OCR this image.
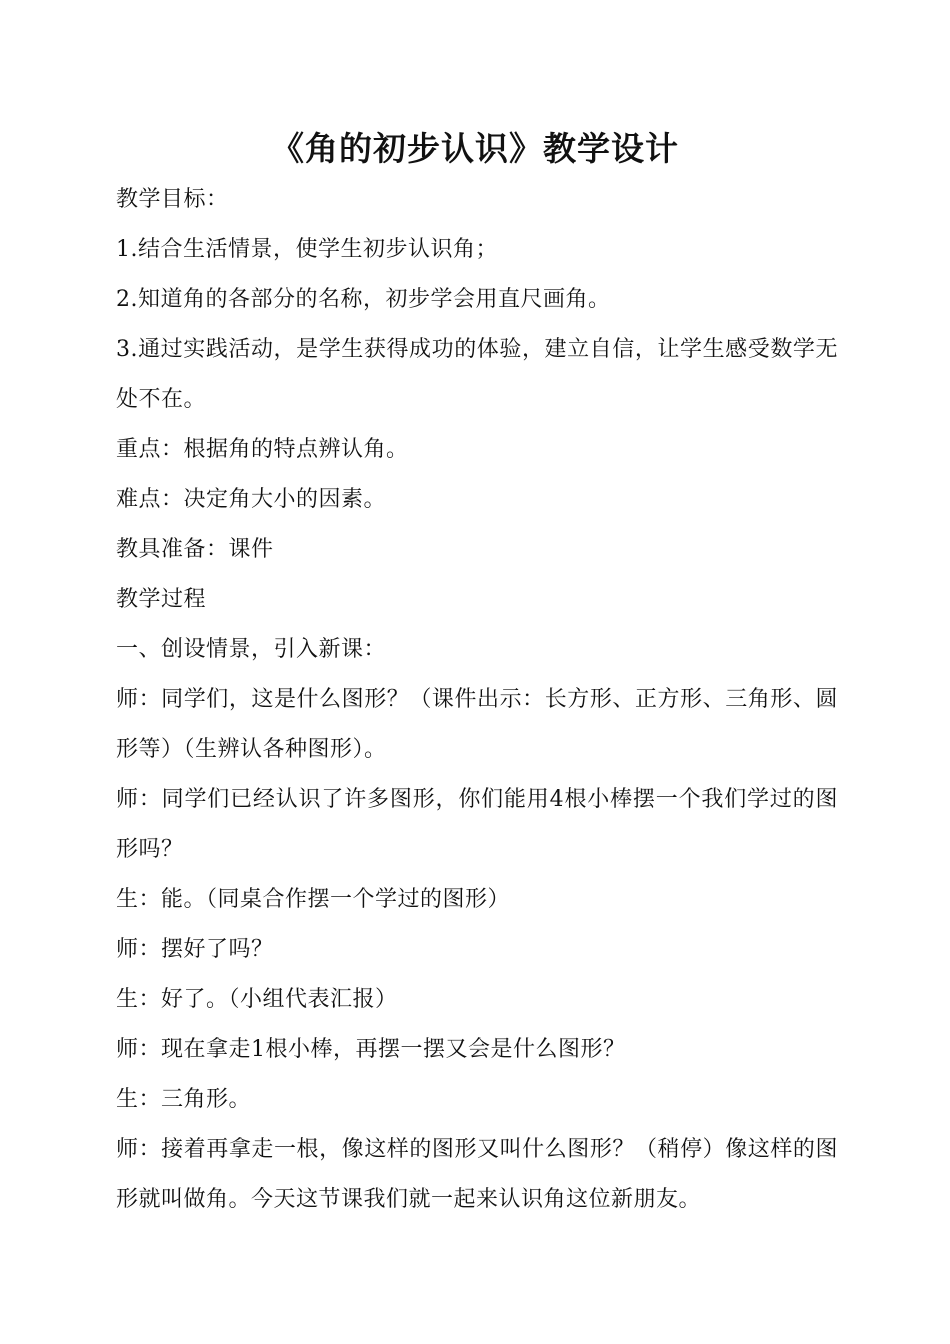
《角的初步认识》教学设计

教学目标：

1.结合生活情景，使学生初步认识角；

2.知道角的各部分的名称，初步学会用直尺画角。

3.通过实践活动，是学生获得成功的体验，建立自信，让学生感受数学无处不在。

重点：根据角的特点辨认角。

难点：决定角大小的因素。

教具准备：课件

教学过程

一、创设情景，引入新课：

师：同学们，这是什么图形？（课件出示：长方形、正方形、三角形、圆形等）（生辨认各种图形）。

师：同学们已经认识了许多图形，你们能用4根小棒摆一个我们学过的图形吗？

生：能。（同桌合作摆一个学过的图形）

师：摆好了吗？

生：好了。（小组代表汇报）

师：现在拿走1根小棒，再摆一摆又会是什么图形？

生：三角形。

师：接着再拿走一根，像这样的图形又叫什么图形？（稍停）像这样的图形就叫做角。今天这节课我们就一起来认识角这位新朋友。
